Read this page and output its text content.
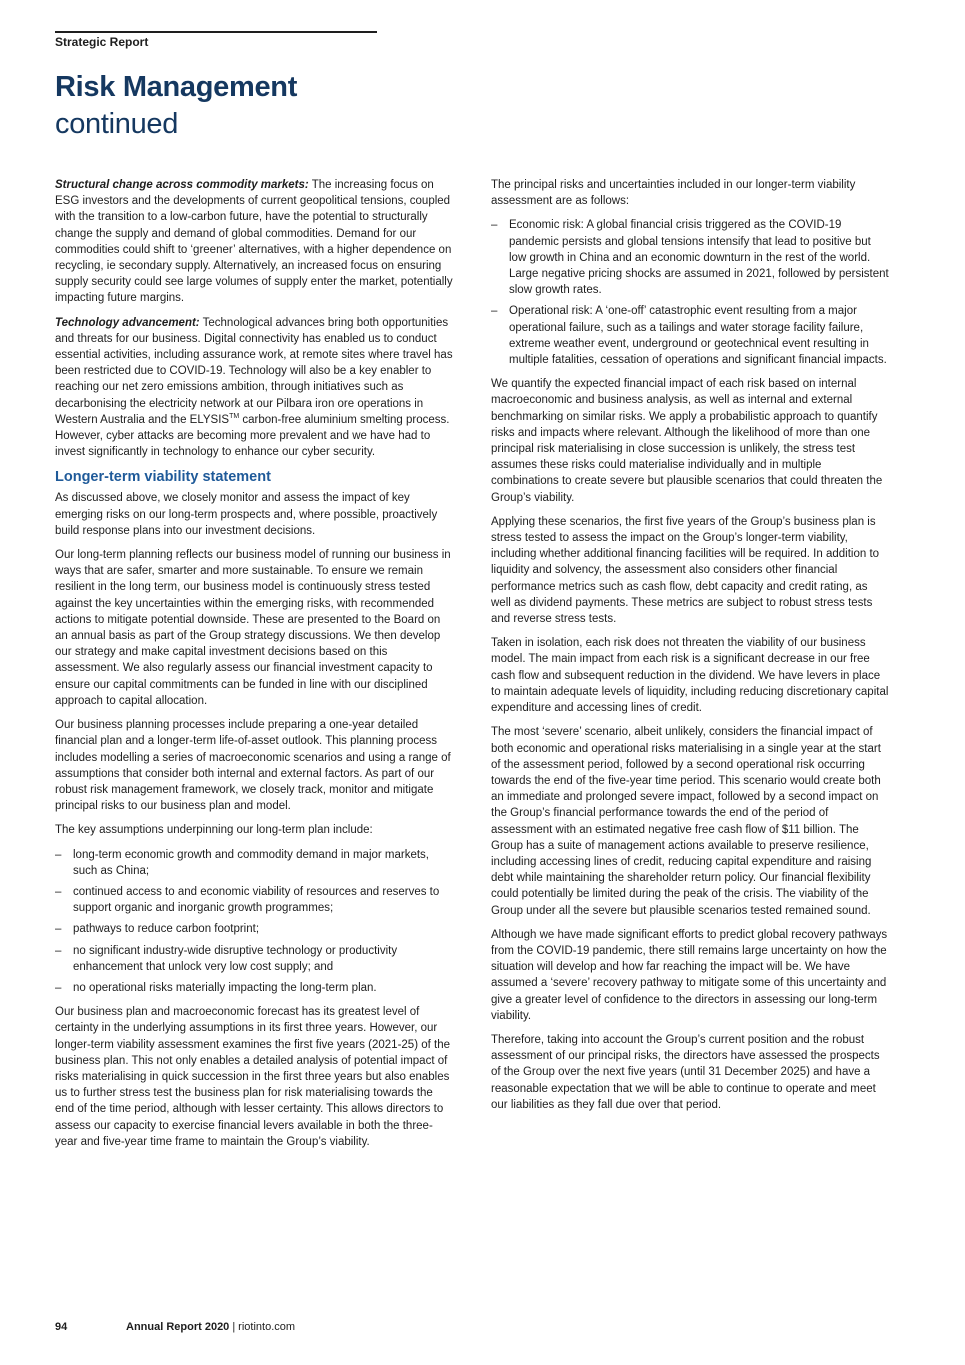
Strategic Report
Risk Management
continued

Structural change across commodity markets: The increasing focus on ESG investors and the developments of current geopolitical tensions, coupled with the transition to a low-carbon future, have the potential to structurally change the supply and demand of global commodities. Demand for our commodities could shift to ‘greener’ alternatives, with a higher dependence on recycling, ie secondary supply. Alternatively, an increased focus on ensuring supply security could see large volumes of supply enter the market, potentially impacting future margins.

Technology advancement: Technological advances bring both opportunities and threats for our business. Digital connectivity has enabled us to conduct essential activities, including assurance work, at remote sites where travel has been restricted due to COVID-19. Technology will also be a key enabler to reaching our net zero emissions ambition, through initiatives such as decarbonising the electricity network at our Pilbara iron ore operations in Western Australia and the ELYSIS™ carbon-free aluminium smelting process. However, cyber attacks are becoming more prevalent and we have had to invest significantly in technology to enhance our cyber security.

Longer-term viability statement

As discussed above, we closely monitor and assess the impact of key emerging risks on our long-term prospects and, where possible, proactively build response plans into our investment decisions.

Our long-term planning reflects our business model of running our business in ways that are safer, smarter and more sustainable. To ensure we remain resilient in the long term, our business model is continuously stress tested against the key uncertainties within the emerging risks, with recommended actions to mitigate potential downside. These are presented to the Board on an annual basis as part of the Group strategy discussions. We then develop our strategy and make capital investment decisions based on this assessment. We also regularly assess our financial investment capacity to ensure our capital commitments can be funded in line with our disciplined approach to capital allocation.

Our business planning processes include preparing a one-year detailed financial plan and a longer-term life-of-asset outlook. This planning process includes modelling a series of macroeconomic scenarios and using a range of assumptions that consider both internal and external factors. As part of our robust risk management framework, we closely track, monitor and mitigate principal risks to our business plan and model.

The key assumptions underpinning our long-term plan include:

– long-term economic growth and commodity demand in major markets, such as China;
– continued access to and economic viability of resources and reserves to support organic and inorganic growth programmes;
– pathways to reduce carbon footprint;
– no significant industry-wide disruptive technology or productivity enhancement that unlock very low cost supply; and
– no operational risks materially impacting the long-term plan.

Our business plan and macroeconomic forecast has its greatest level of certainty in the underlying assumptions in its first three years. However, our longer-term viability assessment examines the first five years (2021-25) of the business plan. This not only enables a detailed analysis of potential impact of risks materialising in quick succession in the first three years but also enables us to further stress test the business plan for risk materialising towards the end of the time period, although with lesser certainty. This allows directors to assess our capacity to exercise financial levers available in both the three-year and five-year time frame to maintain the Group’s viability.

The principal risks and uncertainties included in our longer-term viability assessment are as follows:

– Economic risk: A global financial crisis triggered as the COVID-19 pandemic persists and global tensions intensify that lead to positive but low growth in China and an economic downturn in the rest of the world. Large negative pricing shocks are assumed in 2021, followed by persistent slow growth rates.
– Operational risk: A ‘one-off’ catastrophic event resulting from a major operational failure, such as a tailings and water storage facility failure, extreme weather event, underground or geotechnical event resulting in multiple fatalities, cessation of operations and significant financial impacts.

We quantify the expected financial impact of each risk based on internal macroeconomic and business analysis, as well as internal and external benchmarking on similar risks. We apply a probabilistic approach to quantify risks and impacts where relevant. Although the likelihood of more than one principal risk materialising in close succession is unlikely, the stress test assumes these risks could materialise individually and in multiple combinations to create severe but plausible scenarios that could threaten the Group’s viability.

Applying these scenarios, the first five years of the Group’s business plan is stress tested to assess the impact on the Group’s longer-term viability, including whether additional financing facilities will be required. In addition to liquidity and solvency, the assessment also considers other financial performance metrics such as cash flow, debt capacity and credit rating, as well as dividend payments. These metrics are subject to robust stress tests and reverse stress tests.

Taken in isolation, each risk does not threaten the viability of our business model. The main impact from each risk is a significant decrease in our free cash flow and subsequent reduction in the dividend. We have levers in place to maintain adequate levels of liquidity, including reducing discretionary capital expenditure and accessing lines of credit.

The most ‘severe’ scenario, albeit unlikely, considers the financial impact of both economic and operational risks materialising in a single year at the start of the assessment period, followed by a second operational risk occurring towards the end of the five-year time period. This scenario would create both an immediate and prolonged severe impact, followed by a second impact on the Group’s financial performance towards the end of the period of assessment with an estimated negative free cash flow of $11 billion. The Group has a suite of management actions available to preserve resilience, including accessing lines of credit, reducing capital expenditure and raising debt while maintaining the shareholder return policy. Our financial flexibility could potentially be limited during the peak of the crisis. The viability of the Group under all the severe but plausible scenarios tested remained sound.

Although we have made significant efforts to predict global recovery pathways from the COVID-19 pandemic, there still remains large uncertainty on how the situation will develop and how far reaching the impact will be. We have assumed a ‘severe’ recovery pathway to mitigate some of this uncertainty and give a greater level of confidence to the directors in assessing our long-term viability.

Therefore, taking into account the Group’s current position and the robust assessment of our principal risks, the directors have assessed the prospects of the Group over the next five years (until 31 December 2025) and have a reasonable expectation that we will be able to continue to operate and meet our liabilities as they fall due over that period.

94	Annual Report 2020 | riotinto.com
